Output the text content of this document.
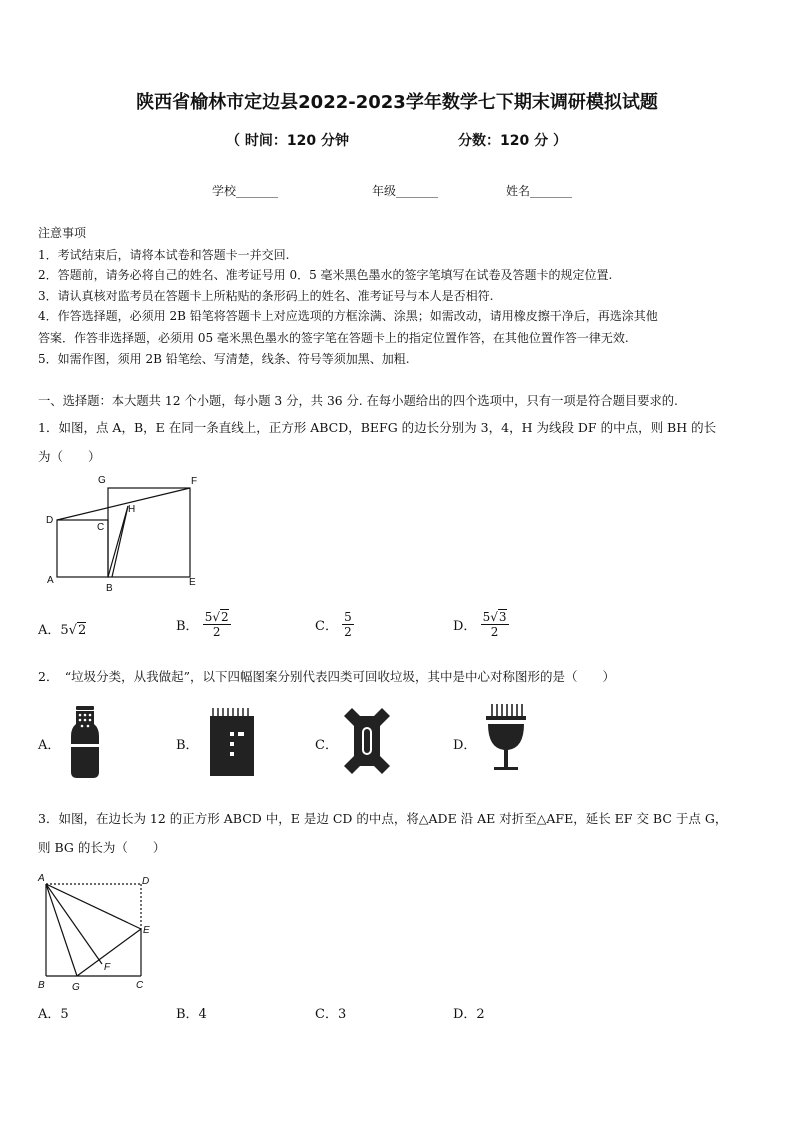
陕西省榆林市定边县2022-2023学年数学七下期末调研模拟试题
（ 时间：120 分钟	分数：120 分 ）
学校_______	年级_______	姓名_______
注意事项
1．考试结束后，请将本试卷和答题卡一并交回.
2．答题前，请务必将自己的姓名、准考证号用 0．5 毫米黑色墨水的签字笔填写在试卷及答题卡的规定位置.
3．请认真核对监考员在答题卡上所粘贴的条形码上的姓名、准考证号与本人是否相符.
4．作答选择题，必须用 2B 铅笔将答题卡上对应选项的方框涂满、涂黑；如需改动，请用橡皮擦干净后，再选涂其他
答案．作答非选择题，必须用 05 毫米黑色墨水的签字笔在答题卡上的指定位置作答，在其他位置作答一律无效.
5．如需作图，须用 2B 铅笔绘、写清楚，线条、符号等须加黑、加粗.
一、选择题：本大题共 12 个小题，每小题 3 分，共 36 分. 在每小题给出的四个选项中，只有一项是符合题目要求的.
1．如图，点 A，B，E 在同一条直线上，正方形 ABCD，BEFG 的边长分别为 3，4，H 为线段 DF 的中点，则 BH 的长
为（　　）
G	F
D
H
C
A
B
E
A．5√2	B． $\frac{5√2}{2}$	C． $\frac{5}{2}$	D． $\frac{5√3}{2}$
2．　“垃圾分类，从我做起”，以下四幅图案分别代表四类可回收垃圾，其中是中心对称图形的是（　　）
A．	B．	C．	D．
3．如图，在边长为 12 的正方形 ABCD 中，E 是边 CD 的中点，将△ADE 沿 AE 对折至△AFE，延长 EF 交 BC 于点 G，
则 BG 的长为（　　）
A	D
E
F
B	G	C
A．5	B．4	C．3	D．2
